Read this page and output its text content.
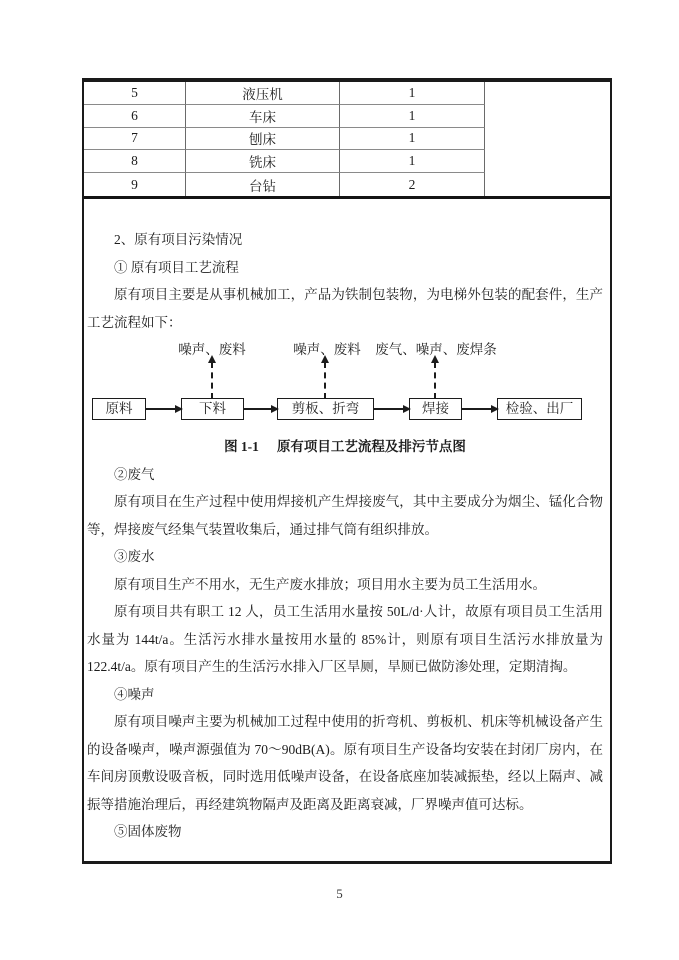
5	液压机	1
6	车床	1
7	刨床	1
8	铣床	1
9	台钻	2
2、原有项目污染情况
① 原有项目工艺流程
原有项目主要是从事机械加工，产品为铁制包装物，为电梯外包装的配套件，生产
工艺流程如下：
噪声、废料	噪声、废料 废气、噪声、废焊条
原料	下料	剪板、折弯	焊接	检验、出厂
图 1-1 原有项目工艺流程及排污节点图
②废气
原有项目在生产过程中使用焊接机产生焊接废气，其中主要成分为烟尘、锰化合物
等，焊接废气经集气装置收集后，通过排气筒有组织排放。
③废水
原有项目生产不用水，无生产废水排放；项目用水主要为员工生活用水。
原有项目共有职工 12 人，员工生活用水量按 50L/d·人计，故原有项目员工生活用
水量为 144t/a。生活污水排水量按用水量的 85%计，则原有项目生活污水排放量为
122.4t/a。原有项目产生的生活污水排入厂区旱厕，旱厕已做防渗处理，定期清掏。
④噪声
原有项目噪声主要为机械加工过程中使用的折弯机、剪板机、机床等机械设备产生
的设备噪声，噪声源强值为 70～90dB(A)。原有项目生产设备均安装在封闭厂房内，在
车间房顶敷设吸音板，同时选用低噪声设备，在设备底座加装减振垫，经以上隔声、减
振等措施治理后，再经建筑物隔声及距离及距离衰减，厂界噪声值可达标。
⑤固体废物
5
